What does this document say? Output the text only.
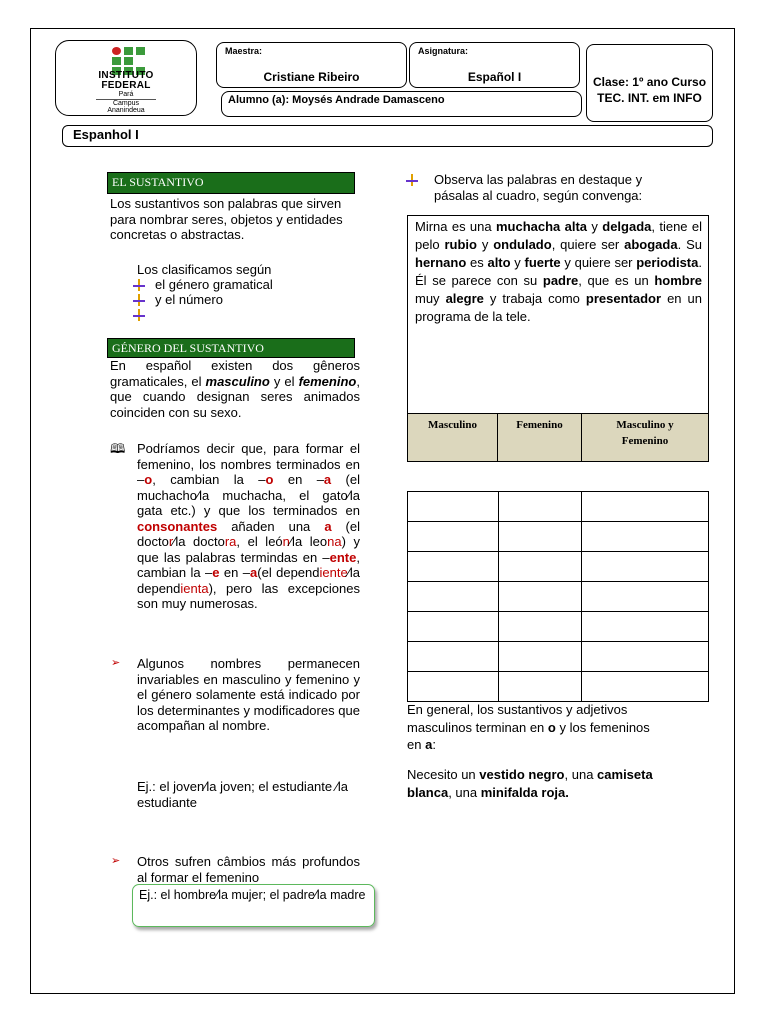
INSTITUTO
FEDERAL
Pará
Campus
Ananindeua
Maestra:
Cristiane Ribeiro
Asignatura:
Español I	Clase: 1º ano Curso
TEC. INT. em INFO
Alumno (a): Moysés Andrade Damasceno
Espanhol I
EL SUSTANTIVO
Los sustantivos son palabras que sirven para nombrar seres, objetos y entidades concretas o abstractas.
Los clasificamos según
el género gramatical
y el número
GÉNERO DEL SUSTANTIVO
En español existen dos gêneros gramaticales, el masculino y el femenino, que cuando designan seres animados coinciden con su sexo.
🕮 Podríamos decir que, para formar el femenino, los nombres terminados en –o, cambian la –o en –a (el muchacho⁄la muchacha, el gato⁄la gata etc.) y que los terminados en consonantes añaden una a (el doctor⁄la doctora, el león⁄la leona) y que las palabras termindas en –ente, cambian la –e en –a(el dependiente⁄la dependienta), pero las excepciones son muy numerosas.
➢ Algunos nombres permanecen invariables en masculino y femenino y el género solamente está indicado por los determinantes y modificadores que acompañan al nombre.
Ej.: el joven⁄la joven; el estudiante ⁄la estudiante
➢ Otros sufren câmbios más profundos al formar el femenino
Ej.: el hombre⁄la mujer; el padre⁄la madre
Observa las palabras en destaque y pásalas al cuadro, según convenga:
Mirna es una muchacha alta y delgada, tiene el pelo rubio y ondulado, quiere ser abogada. Su hernano es alto y fuerte y quiere ser periodista. Él se parece con su padre, que es un hombre muy alegre y trabaja como presentador en un programa de la tele.
Masculino	Femenino	Masculino y Femenino

En general, los sustantivos y adjetivos masculinos terminan en o y los femeninos en a:
Necesito un vestido negro, una camiseta blanca, una minifalda roja.
